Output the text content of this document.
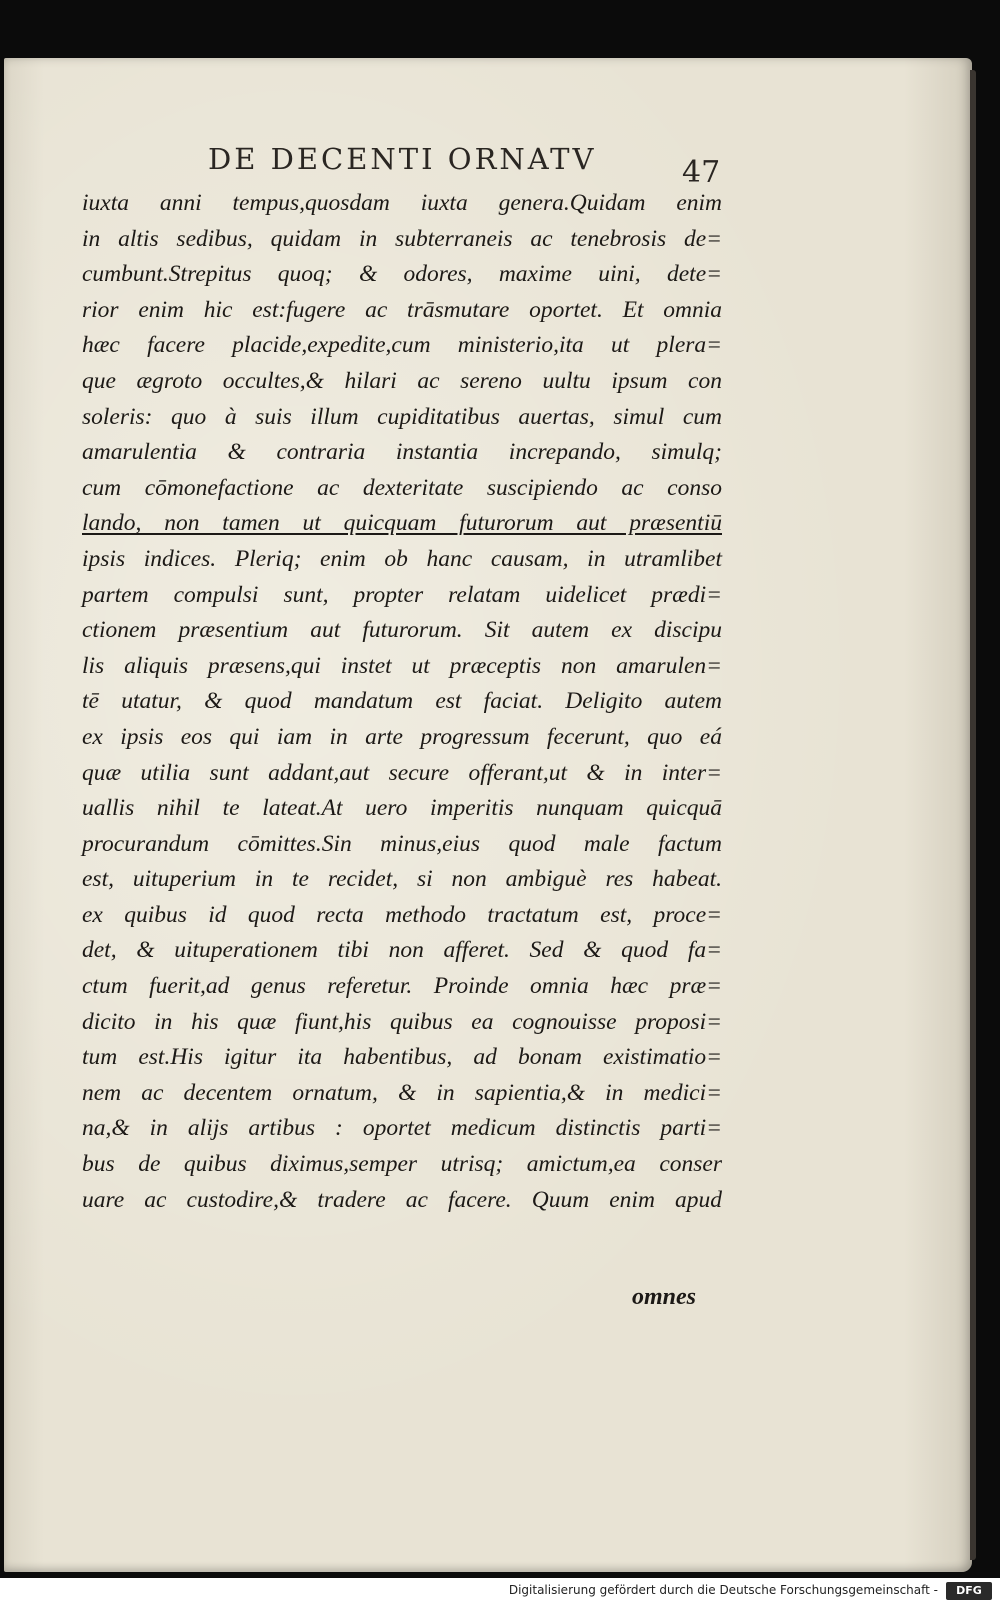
DE DECENTI ORNATV	47
iuxta anni tempus,quosdam iuxta genera.Quidam enim
in altis sedibus, quidam in subterraneis ac tenebrosis de=
cumbunt.Strepitus quoq; & odores, maxime uini, dete=
rior enim hic est:fugere ac trāsmutare oportet. Et omnia
hæc facere placide,expedite,cum ministerio,ita ut plera=
que ægroto occultes,& hilari ac sereno uultu ipsum con
soleris: quo à suis illum cupiditatibus auertas, simul cum
amarulentia & contraria instantia increpando, simulq;
cum cōmonefactione ac dexteritate suscipiendo ac conso
lando, non tamen ut quicquam futurorum aut præsentiū
ipsis indices. Pleriq; enim ob hanc causam, in utramlibet
partem compulsi sunt, propter relatam uidelicet prædi=
ctionem præsentium aut futurorum. Sit autem ex discipu
lis aliquis præsens,qui instet ut præceptis non amarulen=
tē utatur, & quod mandatum est faciat. Deligito autem
ex ipsis eos qui iam in arte progressum fecerunt, quo eá
quæ utilia sunt addant,aut secure offerant,ut & in inter=
uallis nihil te lateat.At uero imperitis nunquam quicquā
procurandum cōmittes.Sin minus,eius quod male factum
est, uituperium in te recidet, si non ambiguè res habeat.
ex quibus id quod recta methodo tractatum est, proce=
det, & uituperationem tibi non afferet. Sed & quod fa=
ctum fuerit,ad genus referetur. Proinde omnia hæc præ=
dicito in his quæ fiunt,his quibus ea cognouisse proposi=
tum est.His igitur ita habentibus, ad bonam existimatio=
nem ac decentem ornatum, & in sapientia,& in medici=
na,& in alijs artibus : oportet medicum distinctis parti=
bus de quibus diximus,semper utrisq; amictum,ea conser
uare ac custodire,& tradere ac facere. Quum enim apud
omnes
Digitalisierung gefördert durch die Deutsche Forschungsgemeinschaft -	DFG
